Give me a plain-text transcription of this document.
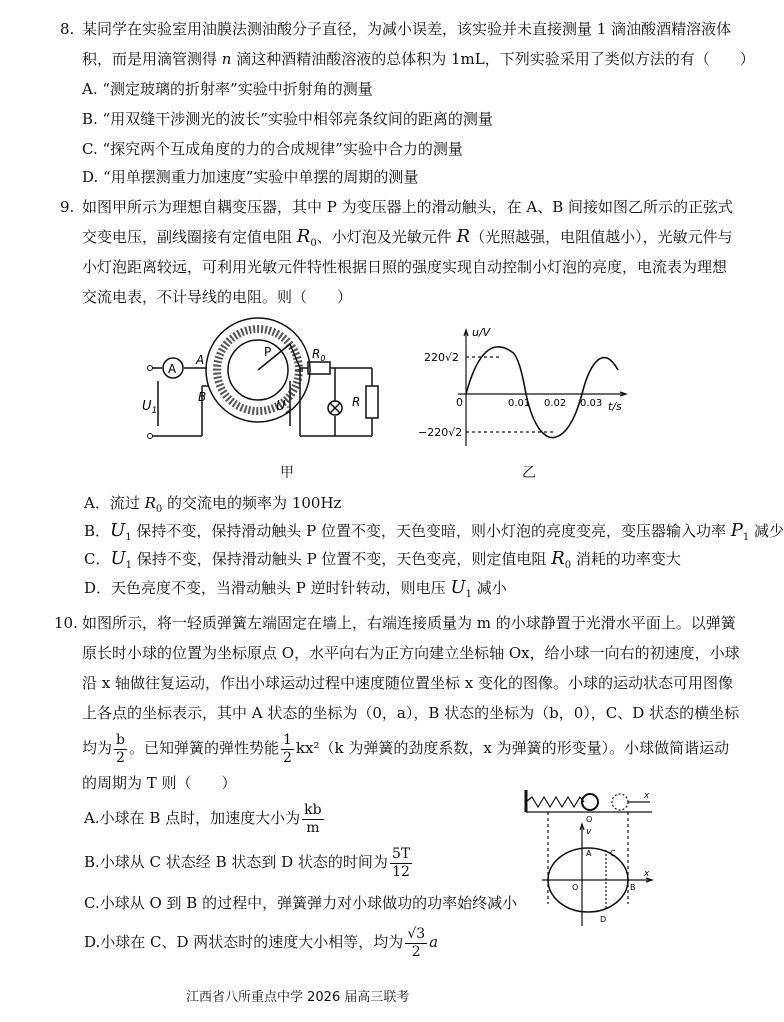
8. 某同学在实验室用油膜法测油酸分子直径，为减小误差，该实验并未直接测量 1 滴油酸酒精溶液体
积，而是用滴管测得 n 滴这种酒精油酸溶液的总体积为 1mL，下列实验采用了类似方法的有（　　）
A. “测定玻璃的折射率”实验中折射角的测量
B. “用双缝干涉测光的波长”实验中相邻亮条纹间的距离的测量
C. “探究两个互成角度的力的合成规律”实验中合力的测量
D. “用单摆测重力加速度”实验中单摆的周期的测量
9. 如图甲所示为理想自耦变压器，其中 P 为变压器上的滑动触头，在 A、B 间接如图乙所示的正弦式
交变电压，副线圈接有定值电阻 $R_0$、小灯泡及光敏元件 R（光照越强，电阻值越小），光敏元件与
小灯泡距离较远，可利用光敏元件特性根据日照的强度实现自动控制小灯泡的亮度，电流表为理想
交流电表，不计导线的电阻。则（　　）
A
A
B
P
$U_1$	$U_2$
$R_0$
R
甲
u/V
t/s
220√2
−220√2
0	0.01 0.02 0.03
乙
A．流过 $R_0$ 的交流电的频率为 100Hz
B．$U_1$ 保持不变，保持滑动触头 P 位置不变，天色变暗，则小灯泡的亮度变亮，变压器输入功率 $P_1$ 减少
C．$U_1$ 保持不变，保持滑动触头 P 位置不变，天色变亮，则定值电阻 $R_0$ 消耗的功率变大
D．天色亮度不变，当滑动触头 P 逆时针转动，则电压 $U_1$ 减小
10. 如图所示，将一轻质弹簧左端固定在墙上，右端连接质量为 m 的小球静置于光滑水平面上。以弹簧
原长时小球的位置为坐标原点 O，水平向右为正方向建立坐标轴 Ox，给小球一向右的初速度，小球
沿 x 轴做往复运动，作出小球运动过程中速度随位置坐标 x 变化的图像。小球的运动状态可用图像
上各点的坐标表示，其中 A 状态的坐标为（0，a），B 状态的坐标为（b，0），C、D 状态的横坐标
均为 $\frac{b}{2}$ 。已知弹簧的弹性势能 $\frac{1}{2} kx^2(k$ 为弹簧的劲度系数，x 为弹簧的形变量）。小球做简谐运动
的周期为 T 则（　　）
A.小球在 B 点时，加速度大小为 $\frac{kb}{m}$
B.小球从 C 状态经 B 状态到 D 状态的时间为 $\frac{5T}{12}$
C.小球从 O 到 B 的过程中，弹簧弹力对小球做功的功率始终减小
D.小球在 C、D 两状态时的速度大小相等，均为 $\frac{√3}{2}$ a
v
x
x
O
O
A
B
C
D
江西省八所重点中学 2026 届高三联考
